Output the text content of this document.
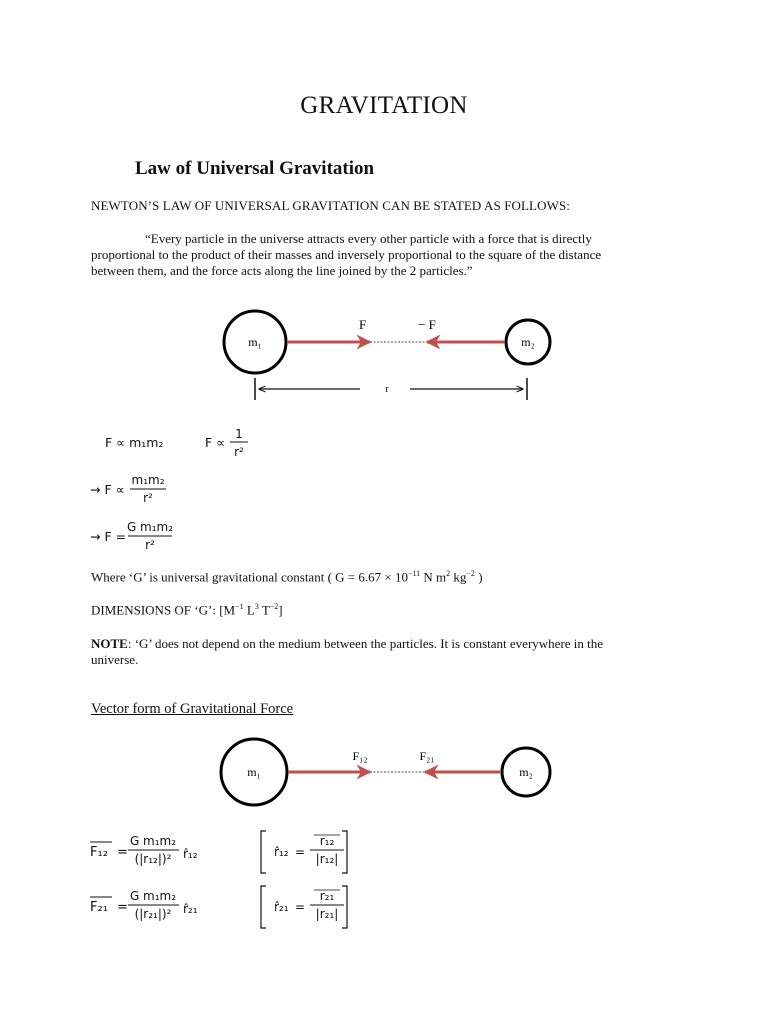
GRAVITATION
Law of Universal Gravitation
NEWTON’S LAW OF UNIVERSAL GRAVITATION CAN BE STATED AS FOLLOWS:
“Every particle in the universe attracts every other particle with a force that is directly proportional to the product of their masses and inversely proportional to the square of the distance between them, and the force acts along the line joined by the 2 particles.”
m₁	m₂
F	− F
r
F ∝ m₁m₂	F ∝
1
r²
→ F ∝
m₁m₂
r²
→ F =
G m₁m₂
r²
Where ‘G’ is universal gravitational constant ( $G = 6.67 \times 10^{-11}$ N $m^2$ $kg^{-2}$ )
DIMENSIONS OF ‘G’: [$M^{-1}$ $L^3$ $T^{-2}$]
NOTE: ‘G’ does not depend on the medium between the particles. It is constant everywhere in the universe.
Vector form of Gravitational Force
m₁	m₂
F₁₂	F₂₁
F₁₂ =
G m₁m₂
(|r₁₂|)² r̂₁₂
F₂₁ =
G m₁m₂
(|r₂₁|)² r̂₂₁
r̂₁₂ =
r₁₂
|r₁₂|
r̂₂₁ =
r₂₁
|r₂₁|
